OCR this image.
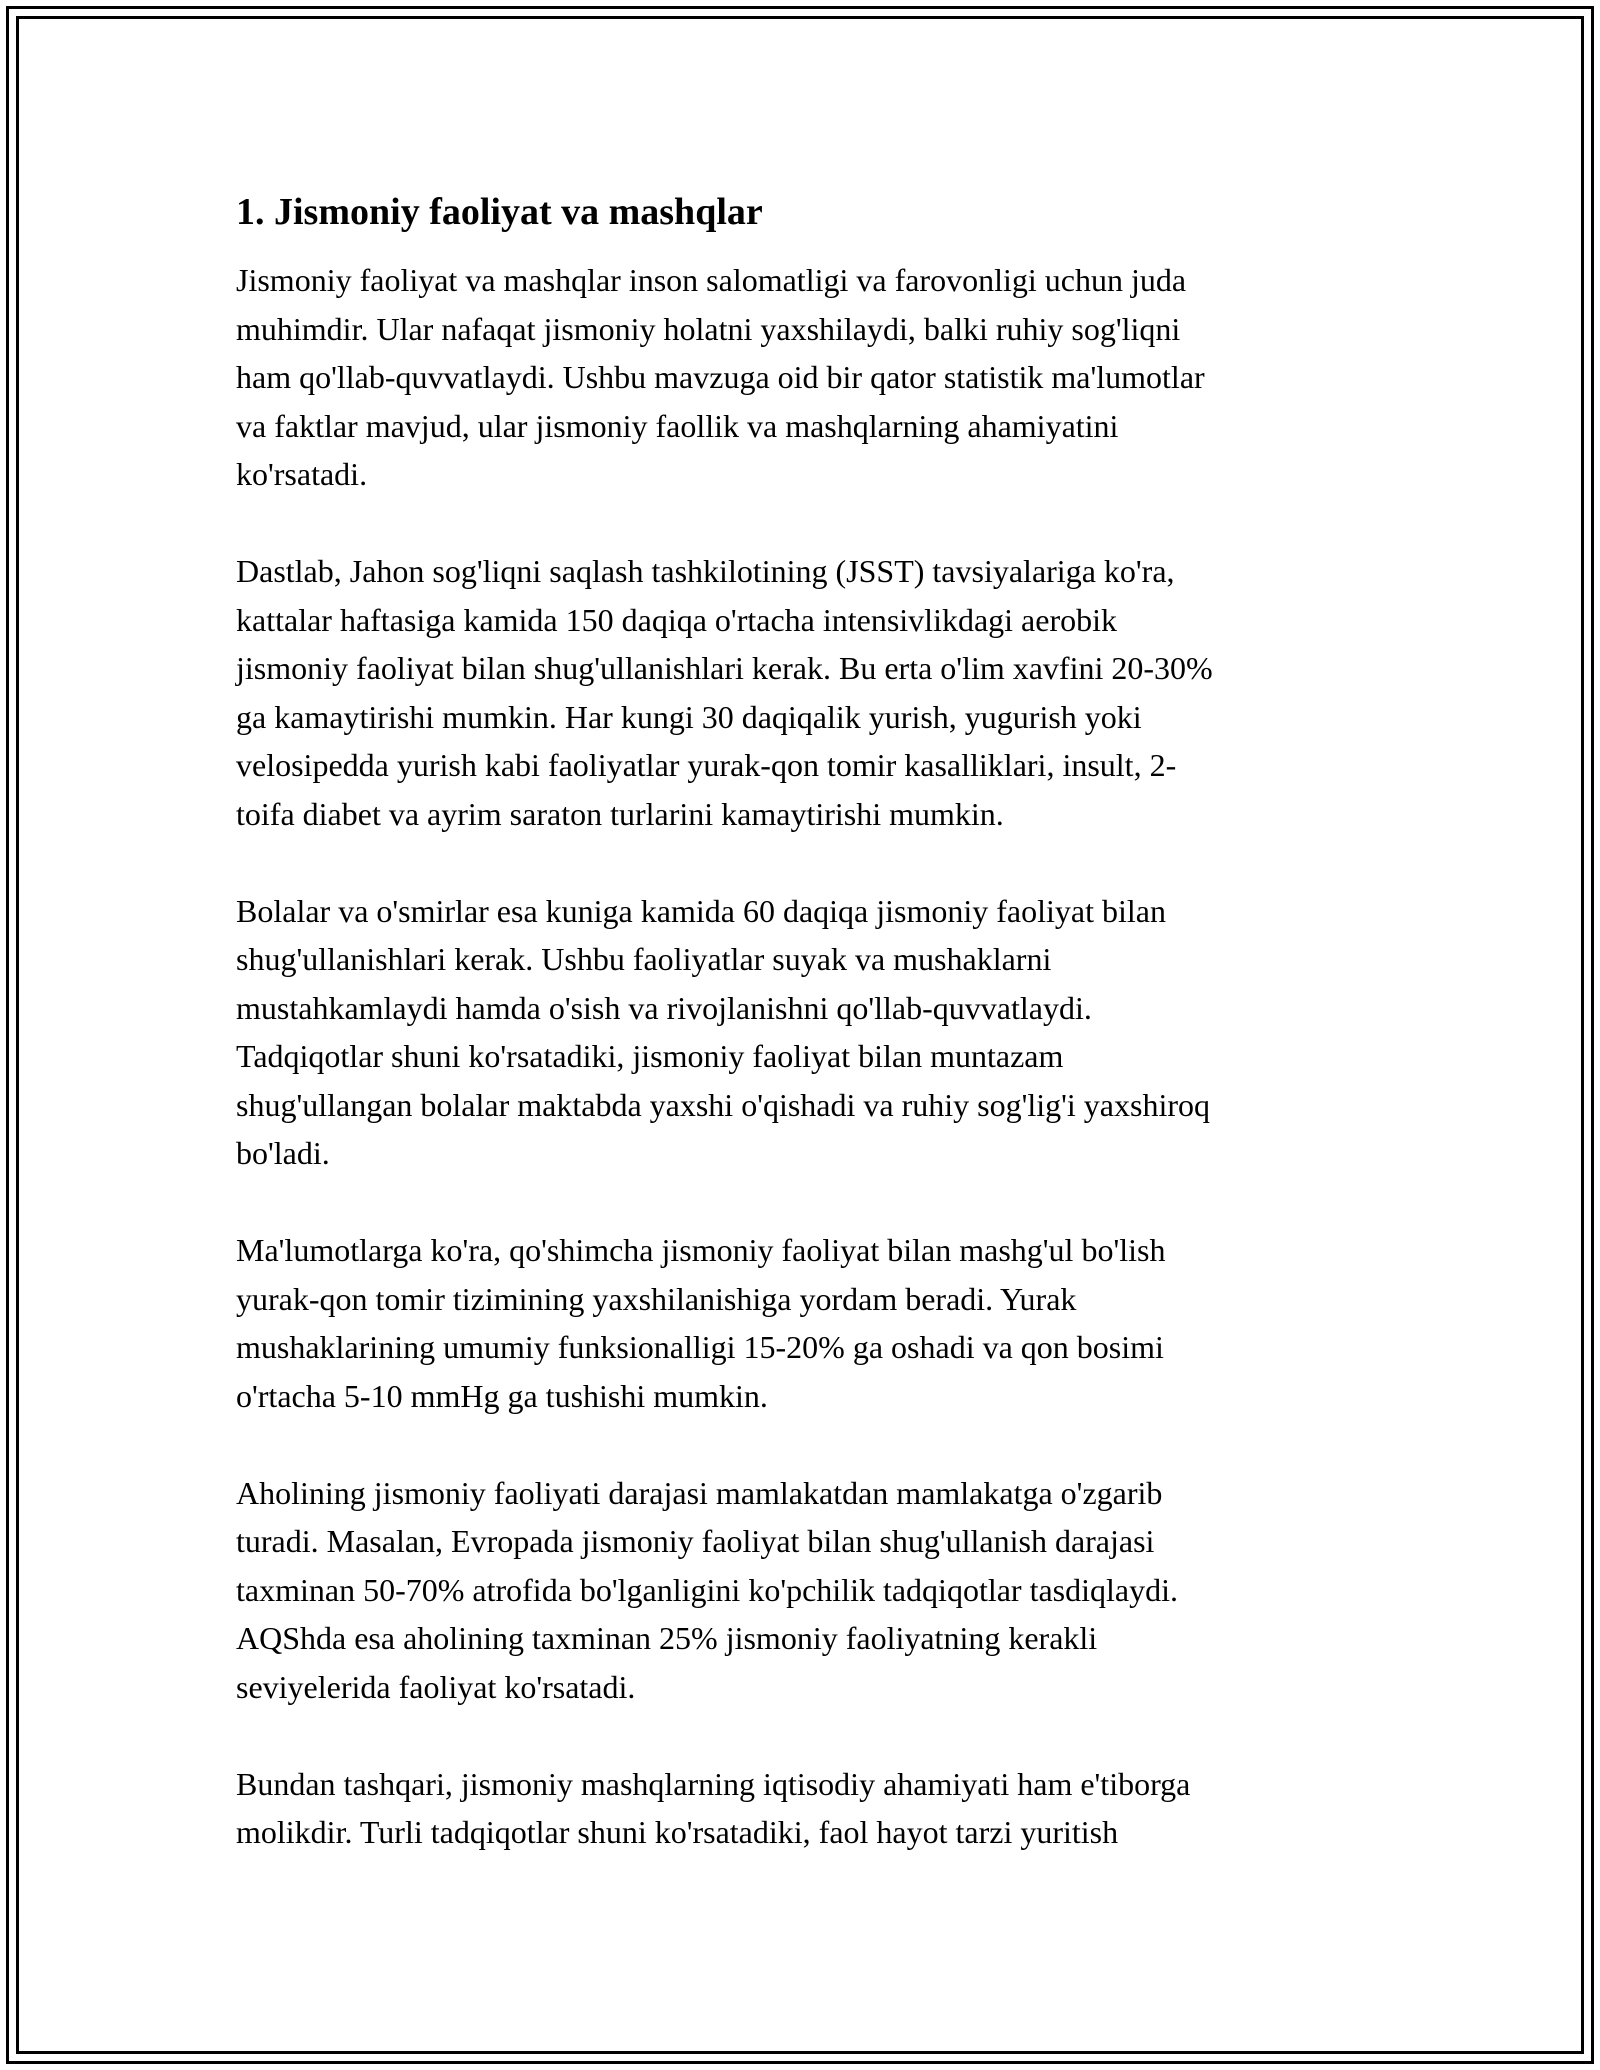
1. Jismoniy faoliyat va mashqlar

Jismoniy faoliyat va mashqlar inson salomatligi va farovonligi uchun juda
muhimdir. Ular nafaqat jismoniy holatni yaxshilaydi, balki ruhiy sog'liqni
ham qo'llab-quvvatlaydi. Ushbu mavzuga oid bir qator statistik ma'lumotlar
va faktlar mavjud, ular jismoniy faollik va mashqlarning ahamiyatini
ko'rsatadi.

Dastlab, Jahon sog'liqni saqlash tashkilotining (JSST) tavsiyalariga ko'ra,
kattalar haftasiga kamida 150 daqiqa o'rtacha intensivlikdagi aerobik
jismoniy faoliyat bilan shug'ullanishlari kerak. Bu erta o'lim xavfini 20-30%
ga kamaytirishi mumkin. Har kungi 30 daqiqalik yurish, yugurish yoki
velosipedda yurish kabi faoliyatlar yurak-qon tomir kasalliklari, insult, 2-
toifa diabet va ayrim saraton turlarini kamaytirishi mumkin.

Bolalar va o'smirlar esa kuniga kamida 60 daqiqa jismoniy faoliyat bilan
shug'ullanishlari kerak. Ushbu faoliyatlar suyak va mushaklarni
mustahkamlaydi hamda o'sish va rivojlanishni qo'llab-quvvatlaydi.
Tadqiqotlar shuni ko'rsatadiki, jismoniy faoliyat bilan muntazam
shug'ullangan bolalar maktabda yaxshi o'qishadi va ruhiy sog'lig'i yaxshiroq
bo'ladi.

Ma'lumotlarga ko'ra, qo'shimcha jismoniy faoliyat bilan mashg'ul bo'lish
yurak-qon tomir tizimining yaxshilanishiga yordam beradi. Yurak
mushaklarining umumiy funksionalligi 15-20% ga oshadi va qon bosimi
o'rtacha 5-10 mmHg ga tushishi mumkin.

Aholining jismoniy faoliyati darajasi mamlakatdan mamlakatga o'zgarib
turadi. Masalan, Evropada jismoniy faoliyat bilan shug'ullanish darajasi
taxminan 50-70% atrofida bo'lganligini ko'pchilik tadqiqotlar tasdiqlaydi.
AQShda esa aholining taxminan 25% jismoniy faoliyatning kerakli
seviyelerida faoliyat ko'rsatadi.

Bundan tashqari, jismoniy mashqlarning iqtisodiy ahamiyati ham e'tiborga
molikdir. Turli tadqiqotlar shuni ko'rsatadiki, faol hayot tarzi yuritish
